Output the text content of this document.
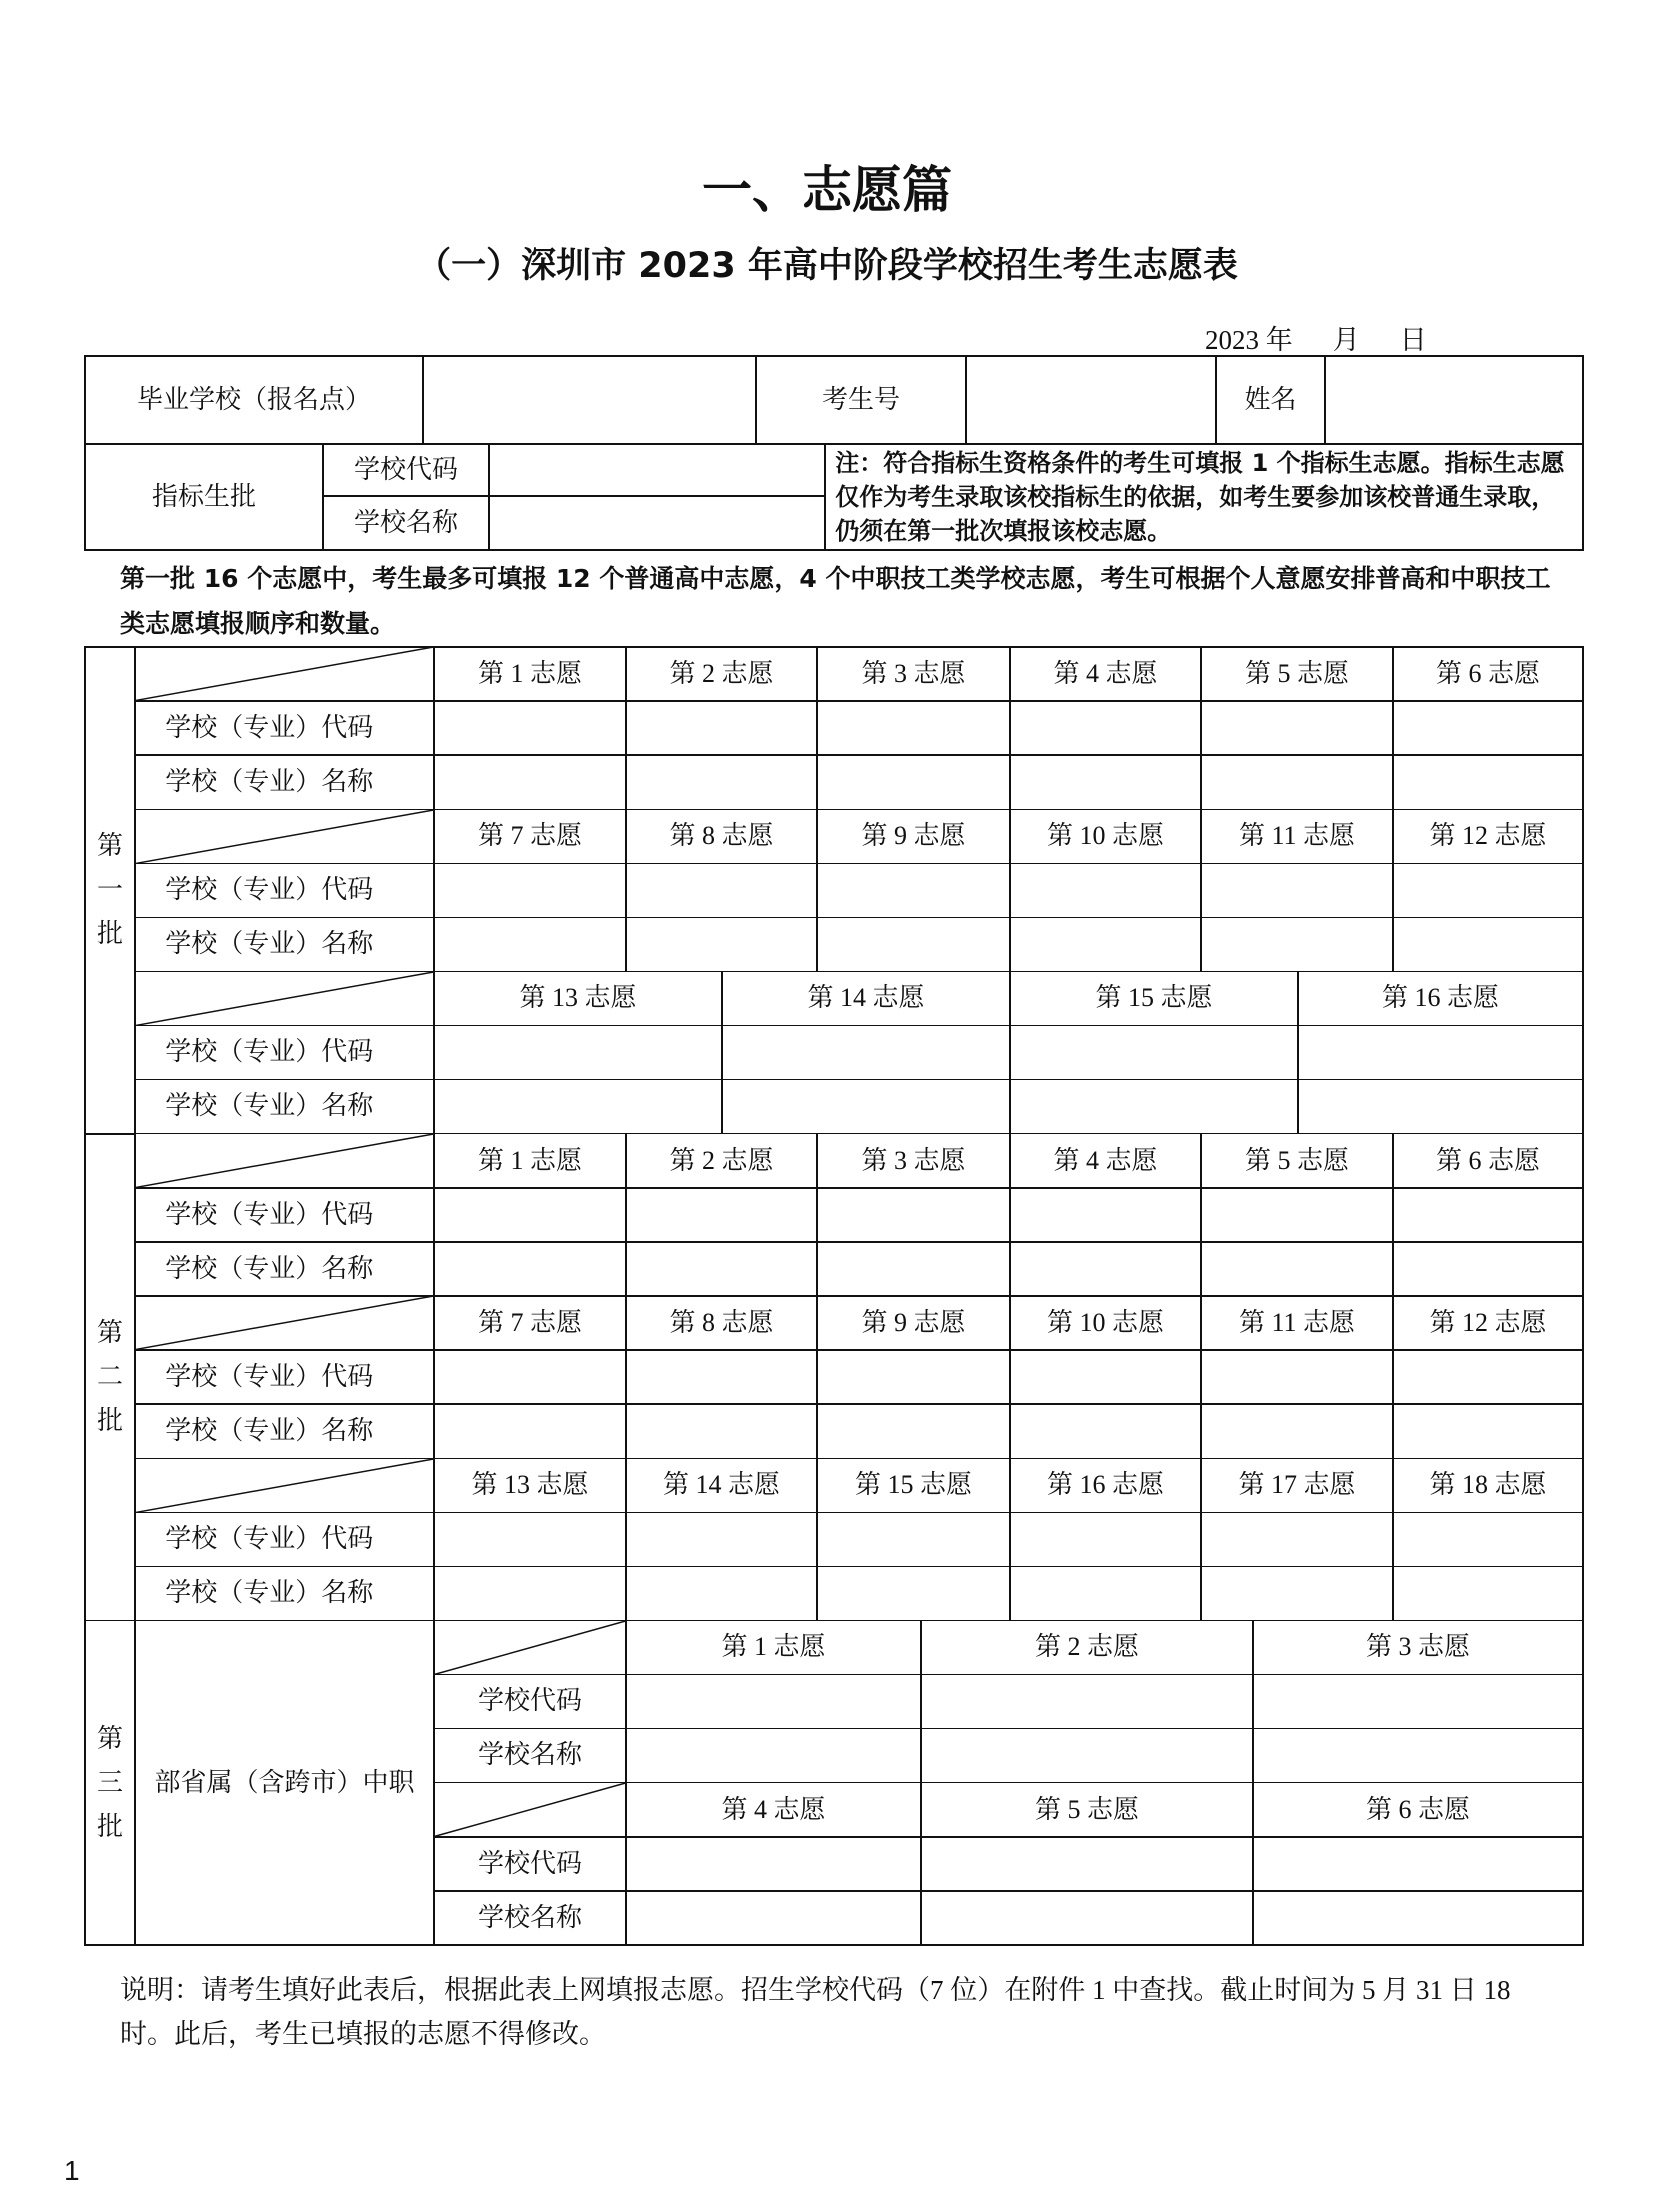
一、志愿篇
（一）深圳市 2023 年高中阶段学校招生考生志愿表
2023 年 月 日
毕业学校（报名点）	考生号	姓名
指标生批
学校代码
学校名称
注：符合指标生资格条件的考生可填报 1 个指标生志愿。指标生志愿仅作为考生录取该校指标生的依据，如考生要参加该校普通生录取，仍须在第一批次填报该校志愿。
第一批 16 个志愿中，考生最多可填报 12 个普通高中志愿，4 个中职技工类学校志愿，考生可根据个人意愿安排普高和中职技工类志愿填报顺序和数量。
第
一
批
第 1 志愿	第 2 志愿	第 3 志愿	第 4 志愿	第 5 志愿	第 6 志愿
学校（专业）代码
学校（专业）名称
第 7 志愿	第 8 志愿	第 9 志愿	第 10 志愿	第 11 志愿	第 12 志愿
学校（专业）代码
学校（专业）名称
第 13 志愿	第 14 志愿	第 15 志愿	第 16 志愿
学校（专业）代码
学校（专业）名称
第
二
批
第 1 志愿	第 2 志愿	第 3 志愿	第 4 志愿	第 5 志愿	第 6 志愿
学校（专业）代码
学校（专业）名称
第 7 志愿	第 8 志愿	第 9 志愿	第 10 志愿	第 11 志愿	第 12 志愿
学校（专业）代码
学校（专业）名称
第 13 志愿	第 14 志愿	第 15 志愿	第 16 志愿	第 17 志愿	第 18 志愿
学校（专业）代码
学校（专业）名称
第
三
批
部省属（含跨市）中职
第 1 志愿	第 2 志愿	第 3 志愿
学校代码
学校名称
第 4 志愿	第 5 志愿	第 6 志愿
学校代码
学校名称
说明：请考生填好此表后，根据此表上网填报志愿。招生学校代码（7 位）在附件 1 中查找。截止时间为 5 月 31 日 18 时。此后，考生已填报的志愿不得修改。
1
